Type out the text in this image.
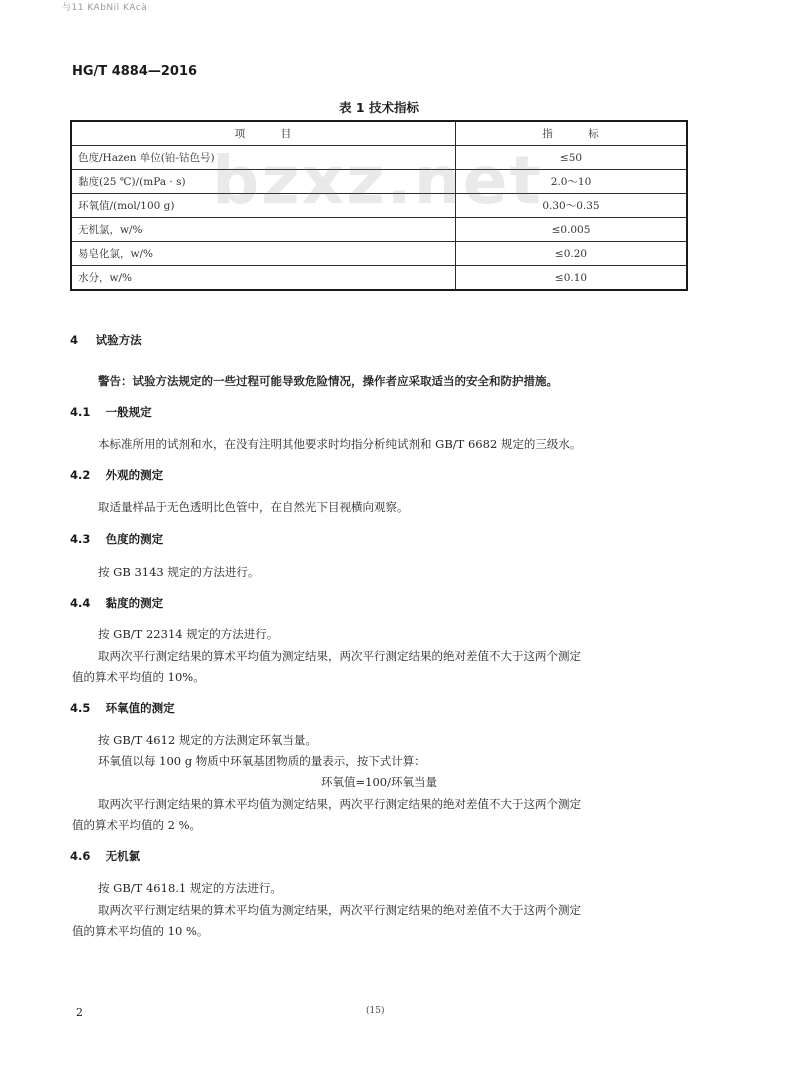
与11 KAbNil KAcà
HG/T 4884—2016
表 1 技术指标
项　　　目	指　　　标
色度/Hazen 单位(铂-钴色号)	≤50
黏度(25 ℃)/(mPa · s)	2.0～10
环氧值/(mol/100 g)	0.30～0.35
无机氯，w/%	≤0.005
易皂化氯，w/%	≤0.20
水分，w/%	≤0.10
bzxz.net
4 试验方法
警告：试验方法规定的一些过程可能导致危险情况，操作者应采取适当的安全和防护措施。
4.1 一般规定
本标准所用的试剂和水，在没有注明其他要求时均指分析纯试剂和 GB/T 6682 规定的三级水。
4.2 外观的测定
取适量样品于无色透明比色管中，在自然光下目视横向观察。
4.3 色度的测定
按 GB 3143 规定的方法进行。
4.4 黏度的测定
按 GB/T 22314 规定的方法进行。
取两次平行测定结果的算术平均值为测定结果，两次平行测定结果的绝对差值不大于这两个测定
值的算术平均值的 10%。
4.5 环氧值的测定
按 GB/T 4612 规定的方法测定环氧当量。
环氧值以每 100 g 物质中环氧基团物质的量表示，按下式计算：
环氧值=100/环氧当量
取两次平行测定结果的算术平均值为测定结果，两次平行测定结果的绝对差值不大于这两个测定
值的算术平均值的 2 %。
4.6 无机氯
按 GB/T 4618.1 规定的方法进行。
取两次平行测定结果的算术平均值为测定结果，两次平行测定结果的绝对差值不大于这两个测定
值的算术平均值的 10 %。
2	(15)
